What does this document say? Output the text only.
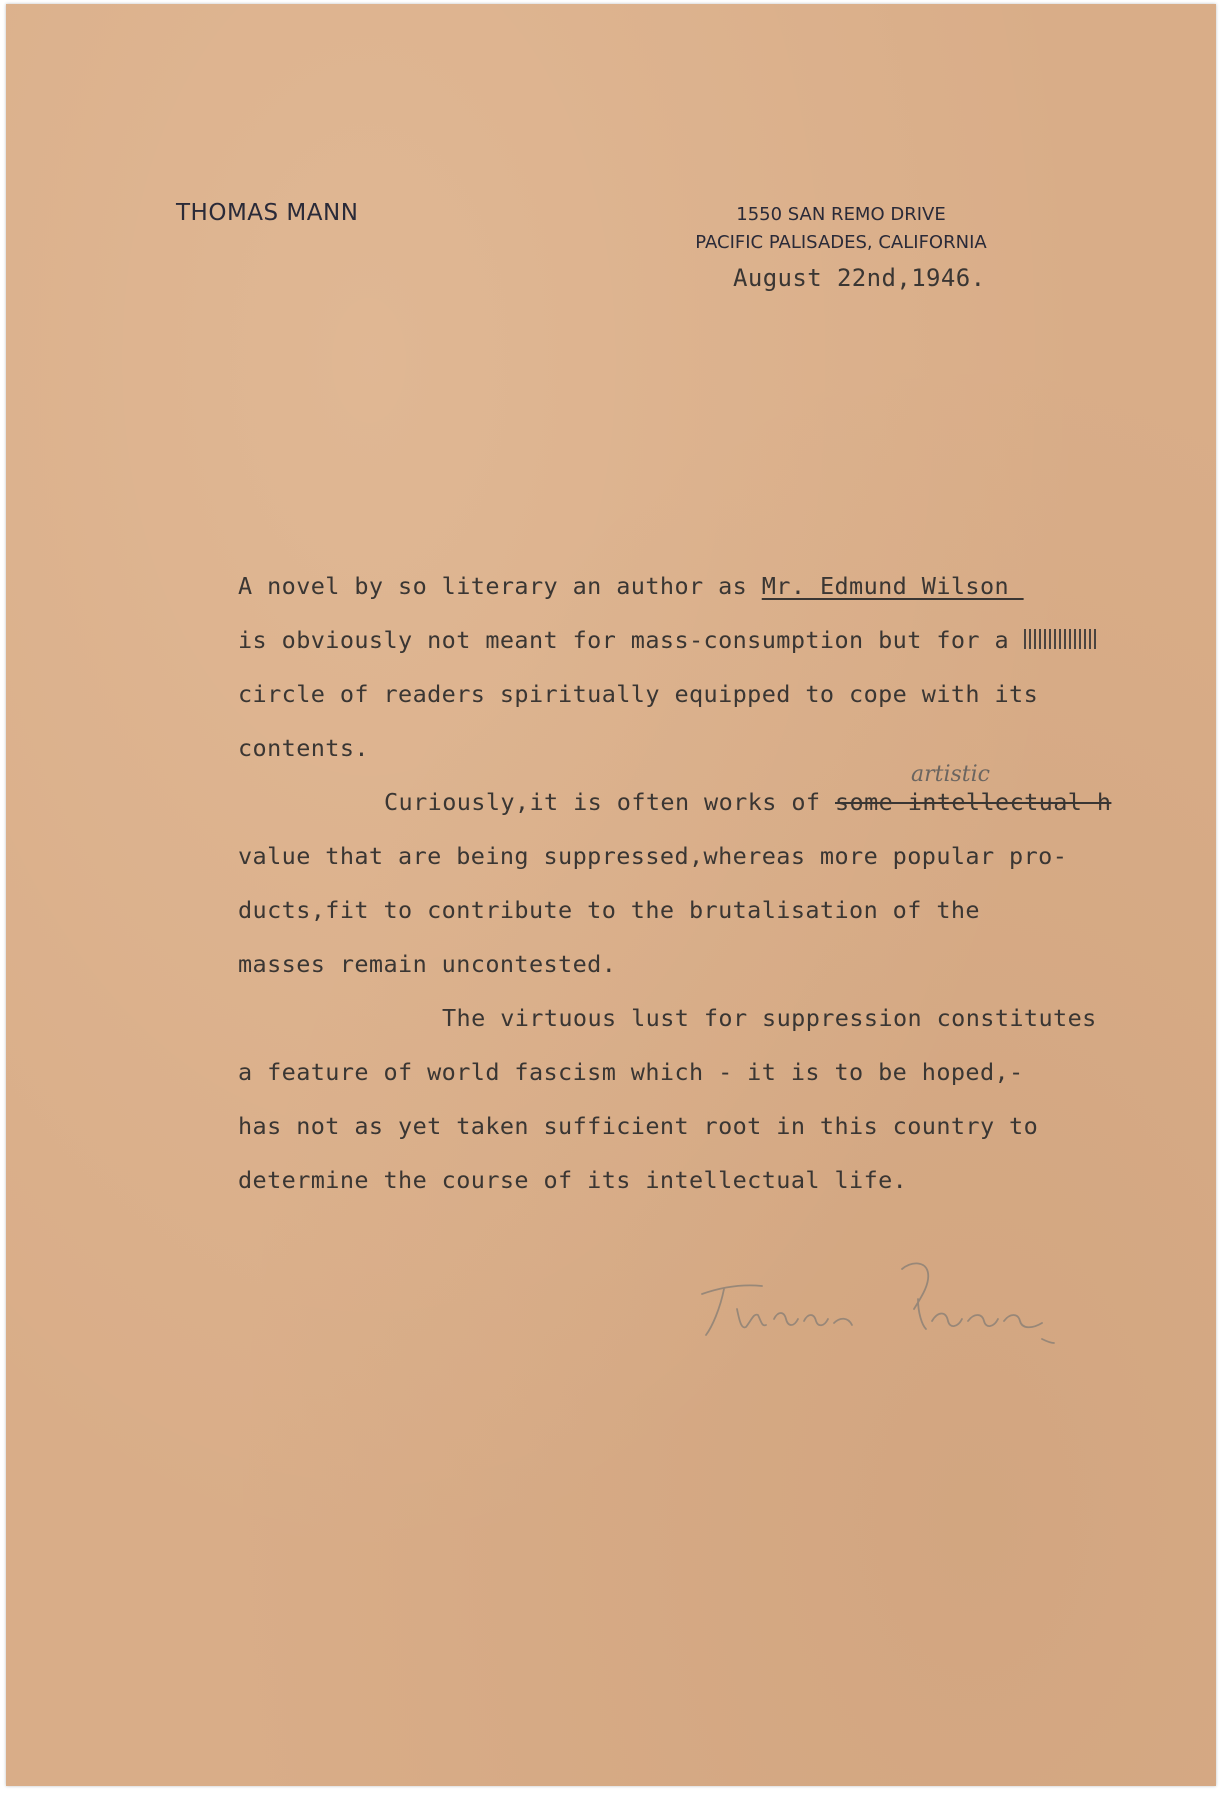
THOMAS MANN	1550 SAN REMO DRIVE
PACIFIC PALISADES, CALIFORNIA
August 22nd,1946.
A novel by so literary an author as Mr. Edmund Wilson
is obviously not meant for mass-consumption but for a
circle of readers spiritually equipped to cope with its
contents.
artistic
Curiously,it is often works of some intellectual h
value that are being suppressed,whereas more popular pro-
ducts,fit to contribute to the brutalisation of the
masses remain uncontested.
The virtuous lust for suppression constitutes
a feature of world fascism which - it is to be hoped,-
has not as yet taken sufficient root in this country to
determine the course of its intellectual life.
